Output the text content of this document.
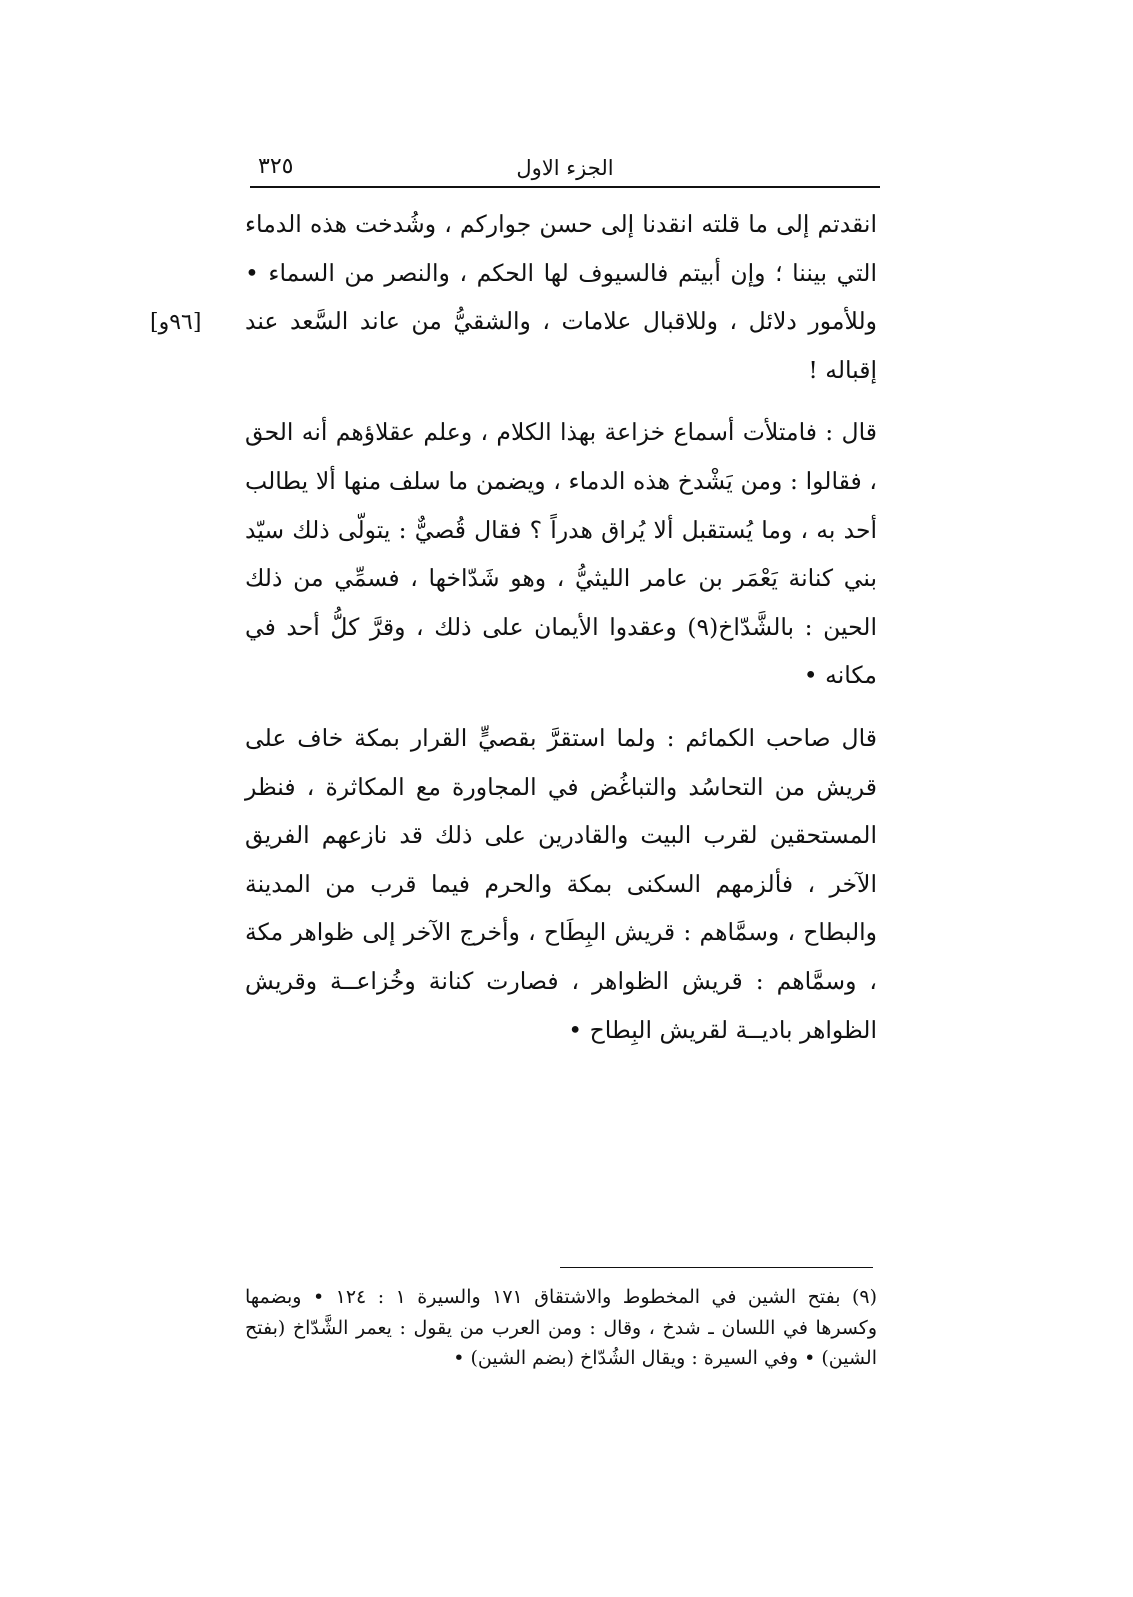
الجزء الاول
٣٢٥
[٩٦و]

انقدتم إلى ما قلته انقدنا إلى حسن جواركم ، وشُدخت هذه الدماء التي بيننا ؛ وإن أبيتم فالسيوف لها الحكم ، والنصر من السماء • وللأمور دلائل ، وللاقبال علامات ، والشقيُّ من عاند السَّعد عند إقباله !

قال : فامتلأت أسماع خزاعة بهذا الكلام ، وعلم عقلاؤهم أنه الحق ، فقالوا : ومن يَشْدخ هذه الدماء ، ويضمن ما سلف منها ألا يطالب أحد به ، وما يُستقبل ألا يُراق هدراً ؟ فقال قُصيٌّ : يتولّى ذلك سيّد بني كنانة يَعْمَر بن عامر الليثيُّ ، وهو شَدّاخها ، فسمِّي من ذلك الحين : بالشَّدّاخ(٩) وعقدوا الأيمان على ذلك ، وقرَّ كلُّ أحد في مكانه •

قال صاحب الكمائم : ولما استقرَّ بقصيٍّ القرار بمكة خاف على قريش من التحاسُد والتباغُض في المجاورة مع المكاثرة ، فنظر المستحقين لقرب البيت والقادرين على ذلك قد نازعهم الفريق الآخر ، فألزمهم السكنى بمكة والحرم فيما قرب من المدينة والبطاح ، وسمَّاهم : قريش البِطَاح ، وأخرج الآخر إلى ظواهر مكة ، وسمَّاهم : قريش الظواهر ، فصارت كنانة وخُزاعــة وقريش الظواهر باديــة لقريش البِطاح •

(٩) بفتح الشين في المخطوط والاشتقاق ١٧١ والسيرة ١ : ١٢٤ • وبضمها وكسرها في اللسان ـ شدخ ، وقال : ومن العرب من يقول : يعمر الشَّدّاخ (بفتح الشين) • وفي السيرة : ويقال الشُدّاخ (بضم الشين) •
